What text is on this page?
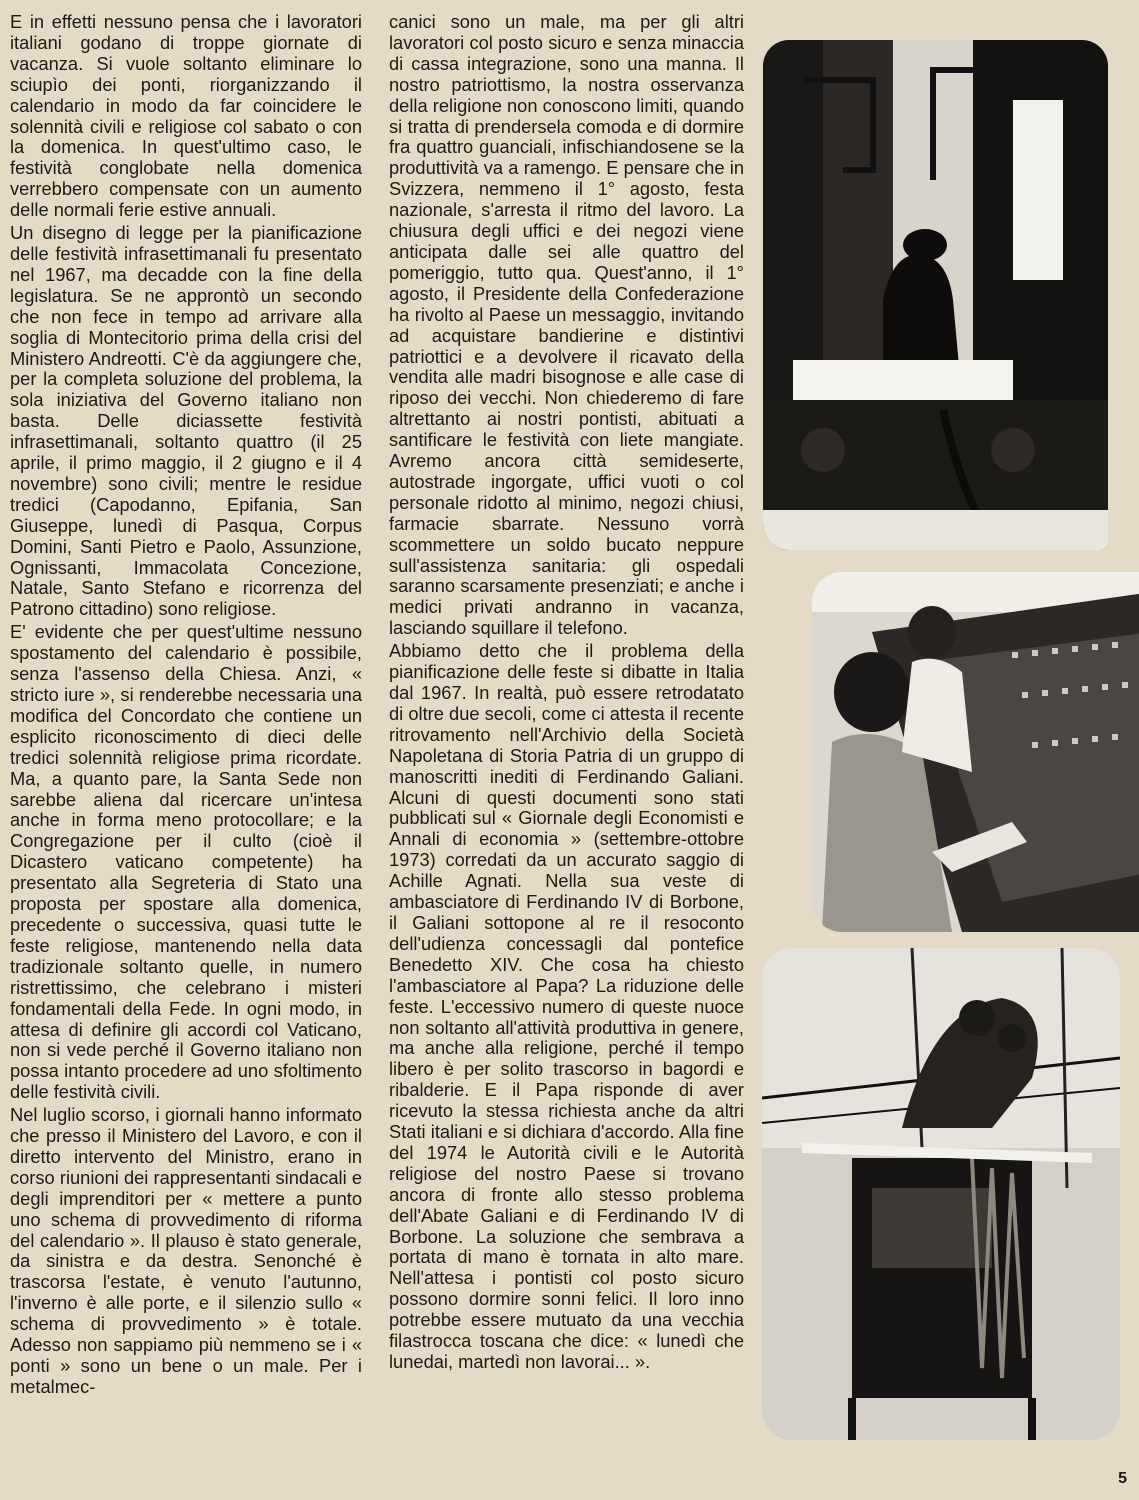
E in effetti nessuno pensa che i lavoratori italiani godano di troppe giornate di vacanza. Si vuole soltanto eliminare lo sciupìo dei ponti, riorganizzando il calendario in modo da far coincidere le solennità civili e religiose col sabato o con la domenica. In quest'ultimo caso, le festività conglobate nella domenica verrebbero compensate con un aumento delle normali ferie estive annuali.

Un disegno di legge per la pianificazione delle festività infrasettimanali fu presentato nel 1967, ma decadde con la fine della legislatura. Se ne approntò un secondo che non fece in tempo ad arrivare alla soglia di Montecitorio prima della crisi del Ministero Andreotti. C'è da aggiungere che, per la completa soluzione del problema, la sola iniziativa del Governo italiano non basta. Delle diciassette festività infrasettimanali, soltanto quattro (il 25 aprile, il primo maggio, il 2 giugno e il 4 novembre) sono civili; mentre le residue tredici (Capodanno, Epifania, San Giuseppe, lunedì di Pasqua, Corpus Domini, Santi Pietro e Paolo, Assunzione, Ognissanti, Immacolata Concezione, Natale, Santo Stefano e ricorrenza del Patrono cittadino) sono religiose.

E' evidente che per quest'ultime nessuno spostamento del calendario è possibile, senza l'assenso della Chiesa. Anzi, « stricto iure », si renderebbe necessaria una modifica del Concordato che contiene un esplicito riconoscimento di dieci delle tredici solennità religiose prima ricordate. Ma, a quanto pare, la Santa Sede non sarebbe aliena dal ricercare un'intesa anche in forma meno protocollare; e la Congregazione per il culto (cioè il Dicastero vaticano competente) ha presentato alla Segreteria di Stato una proposta per spostare alla domenica, precedente o successiva, quasi tutte le feste religiose, mantenendo nella data tradizionale soltanto quelle, in numero ristrettissimo, che celebrano i misteri fondamentali della Fede. In ogni modo, in attesa di definire gli accordi col Vaticano, non si vede perché il Governo italiano non possa intanto procedere ad uno sfoltimento delle festività civili.

Nel luglio scorso, i giornali hanno informato che presso il Ministero del Lavoro, e con il diretto intervento del Ministro, erano in corso riunioni dei rappresentanti sindacali e degli imprenditori per « mettere a punto uno schema di provvedimento di riforma del calendario ». Il plauso è stato generale, da sinistra e da destra. Senonché è trascorsa l'estate, è venuto l'autunno, l'inverno è alle porte, e il silenzio sullo « schema di provvedimento » è totale. Adesso non sappiamo più nemmeno se i « ponti » sono un bene o un male. Per i metalmec-

canici sono un male, ma per gli altri lavoratori col posto sicuro e senza minaccia di cassa integrazione, sono una manna. Il nostro patriottismo, la nostra osservanza della religione non conoscono limiti, quando si tratta di prendersela comoda e di dormire fra quattro guanciali, infischiandosene se la produttività va a ramengo. E pensare che in Svizzera, nemmeno il 1° agosto, festa nazionale, s'arresta il ritmo del lavoro. La chiusura degli uffici e dei negozi viene anticipata dalle sei alle quattro del pomeriggio, tutto qua. Quest'anno, il 1° agosto, il Presidente della Confederazione ha rivolto al Paese un messaggio, invitando ad acquistare bandierine e distintivi patriottici e a devolvere il ricavato della vendita alle madri bisognose e alle case di riposo dei vecchi. Non chiederemo di fare altrettanto ai nostri pontisti, abituati a santificare le festività con liete mangiate. Avremo ancora città semideserte, autostrade ingorgate, uffici vuoti o col personale ridotto al minimo, negozi chiusi, farmacie sbarrate. Nessuno vorrà scommettere un soldo bucato neppure sull'assistenza sanitaria: gli ospedali saranno scarsamente presenziati; e anche i medici privati andranno in vacanza, lasciando squillare il telefono.

Abbiamo detto che il problema della pianificazione delle feste si dibatte in Italia dal 1967. In realtà, può essere retrodatato di oltre due secoli, come ci attesta il recente ritrovamento nell'Archivio della Società Napoletana di Storia Patria di un gruppo di manoscritti inediti di Ferdinando Galiani. Alcuni di questi documenti sono stati pubblicati sul « Giornale degli Economisti e Annali di economia » (settembre-ottobre 1973) corredati da un accurato saggio di Achille Agnati. Nella sua veste di ambasciatore di Ferdinando IV di Borbone, il Galiani sottopone al re il resoconto dell'udienza concessagli dal pontefice Benedetto XIV. Che cosa ha chiesto l'ambasciatore al Papa? La riduzione delle feste. L'eccessivo numero di queste nuoce non soltanto all'attività produttiva in genere, ma anche alla religione, perché il tempo libero è per solito trascorso in bagordi e ribalderie. E il Papa risponde di aver ricevuto la stessa richiesta anche da altri Stati italiani e si dichiara d'accordo. Alla fine del 1974 le Autorità civili e le Autorità religiose del nostro Paese si trovano ancora di fronte allo stesso problema dell'Abate Galiani e di Ferdinando IV di Borbone. La soluzione che sembrava a portata di mano è tornata in alto mare. Nell'attesa i pontisti col posto sicuro possono dormire sonni felici. Il loro inno potrebbe essere mutuato da una vecchia filastrocca toscana che dice: « lunedì che lunedai, martedì non lavorai... ».

5
